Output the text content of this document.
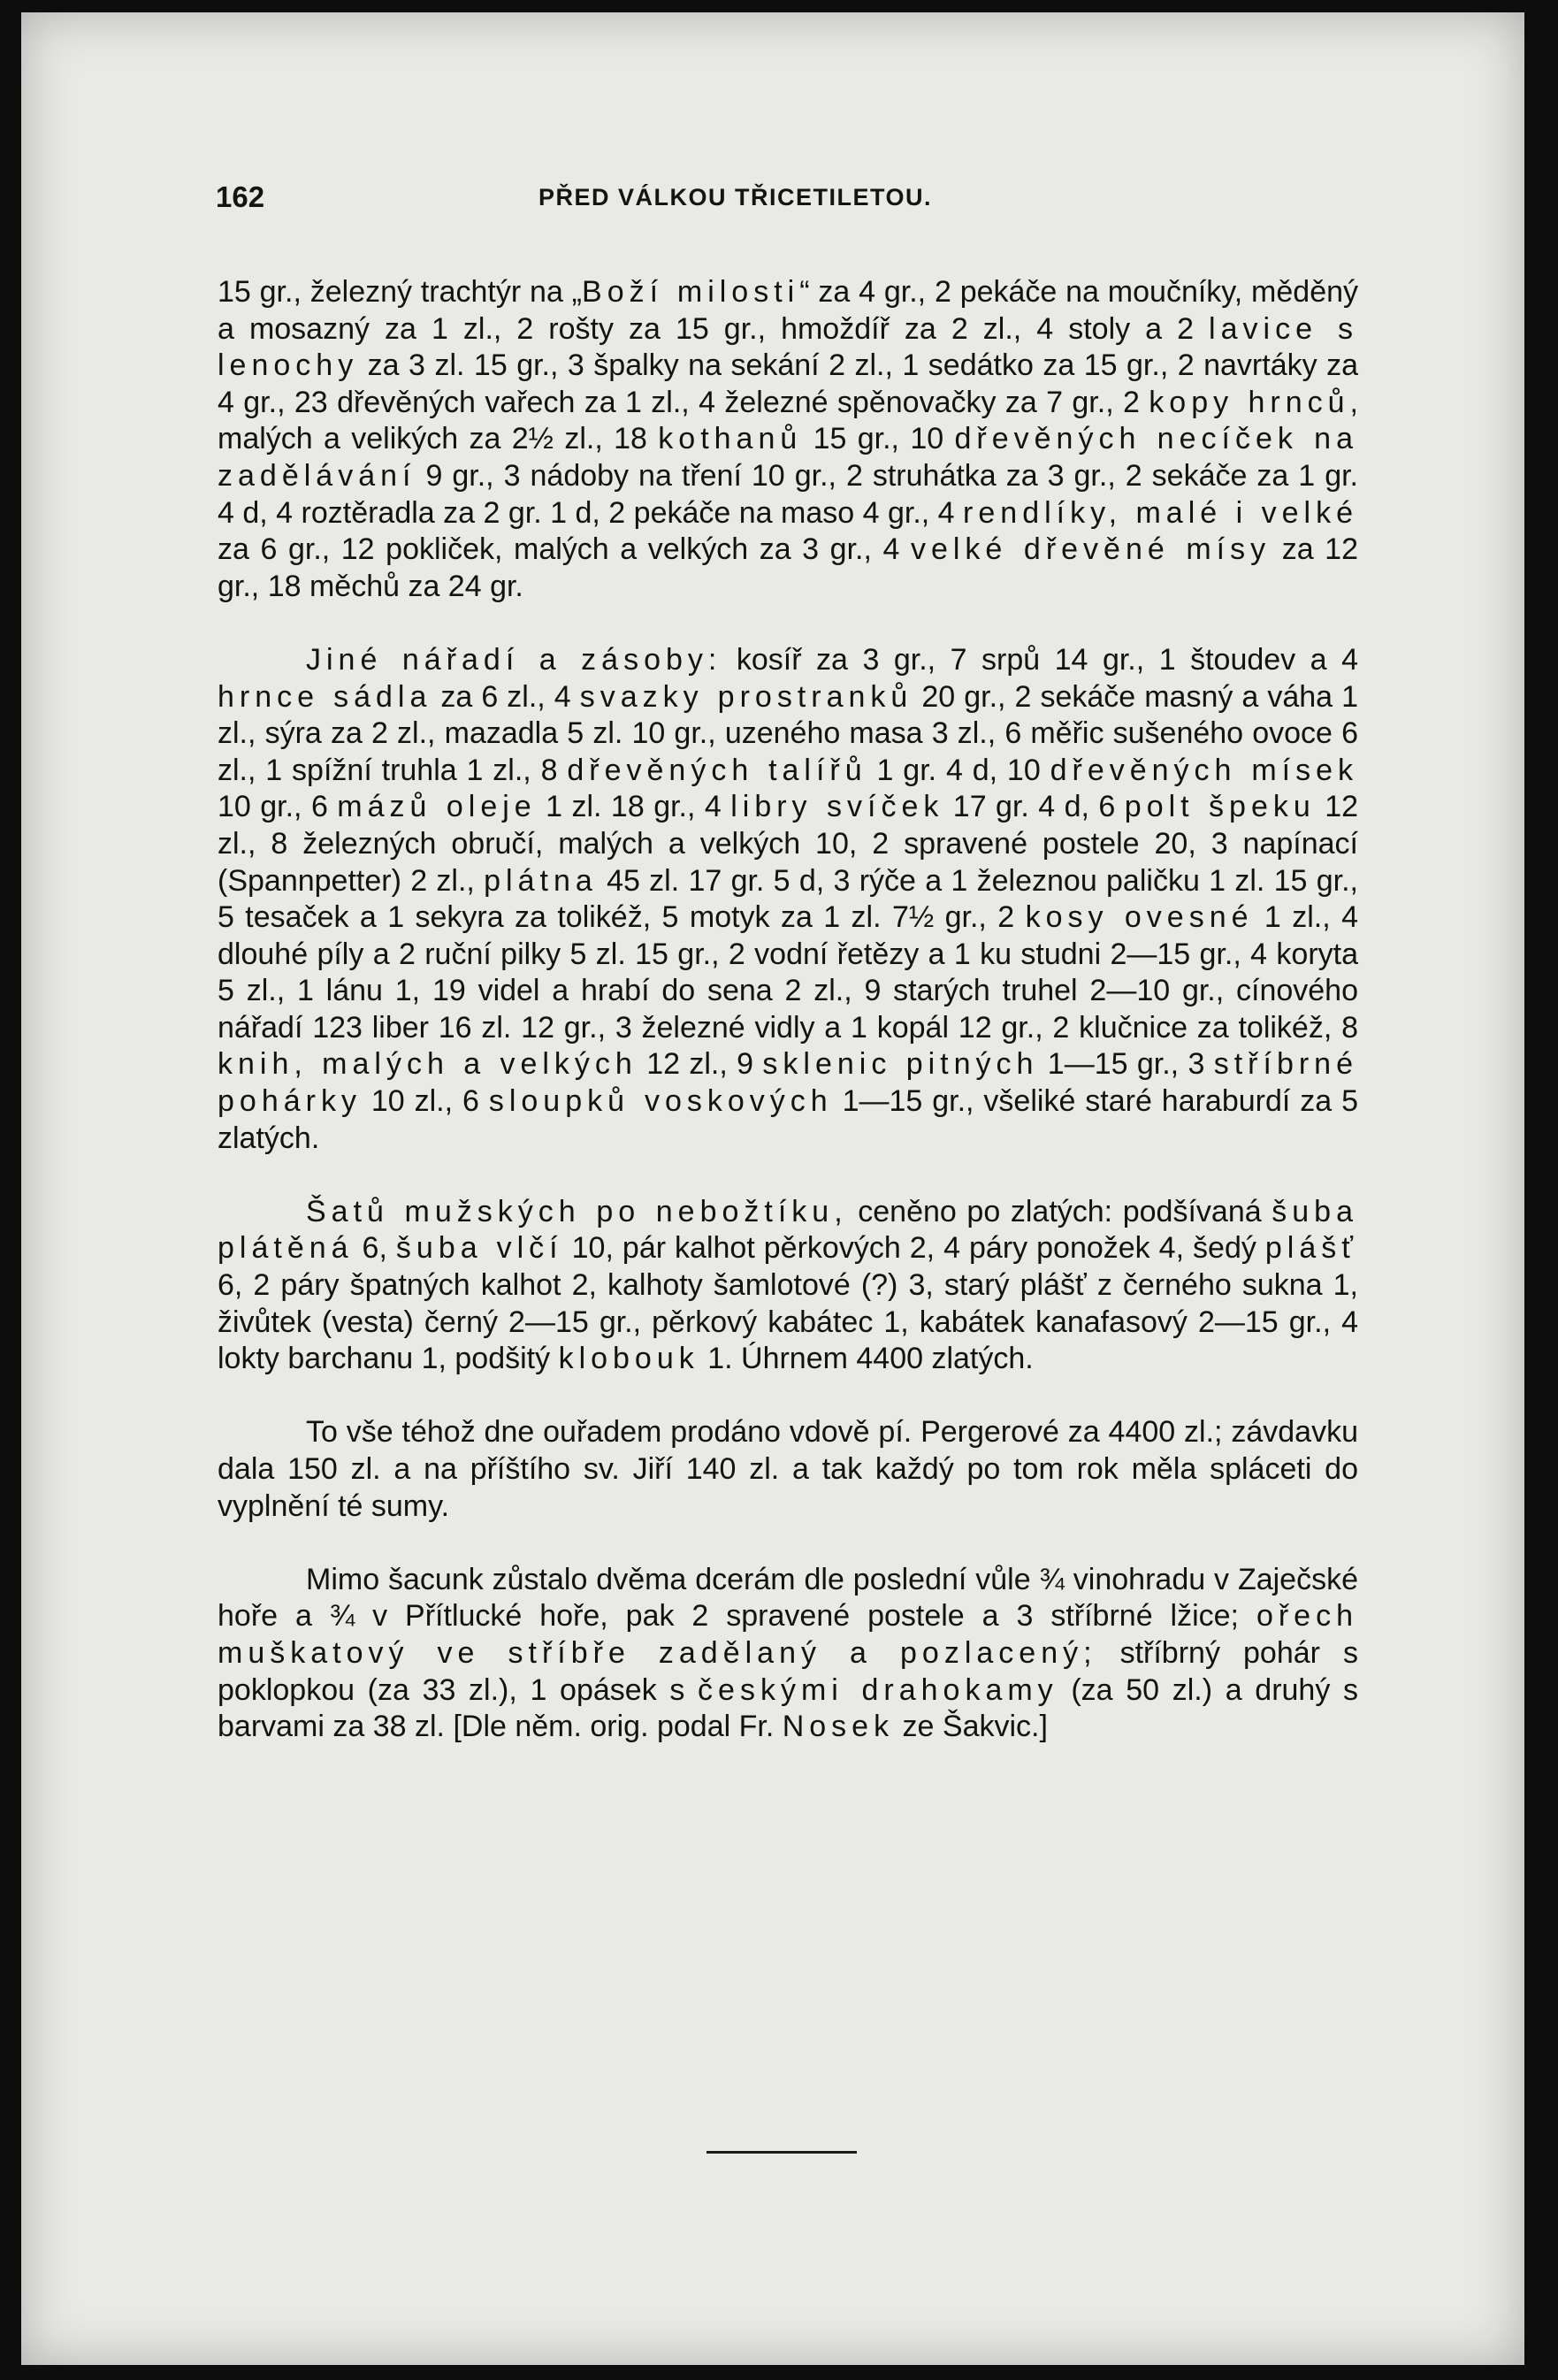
162	PŘED VÁLKOU TŘICETILETOU.

15 gr., železný trachtýr na „Boží milosti“ za 4 gr., 2 pekáče na moučníky, měděný a mosazný za 1 zl., 2 rošty za 15 gr., hmoždíř za 2 zl., 4 stoly a 2 lavice s lenochy za 3 zl. 15 gr., 3 špalky na sekání 2 zl., 1 sedátko za 15 gr., 2 navrtáky za 4 gr., 23 dřevěných vařech za 1 zl., 4 železné spěnovačky za 7 gr., 2 kopy hrnců, malých a velikých za 2½ zl., 18 kothanů 15 gr., 10 dřevěných necíček na zadělávání 9 gr., 3 nádoby na tření 10 gr., 2 struhátka za 3 gr., 2 sekáče za 1 gr. 4 d, 4 roztěradla za 2 gr. 1 d, 2 pekáče na maso 4 gr., 4 rendlíky, malé i velké za 6 gr., 12 pokliček, malých a velkých za 3 gr., 4 velké dřevěné mísy za 12 gr., 18 měchů za 24 gr.

Jiné nářadí a zásoby: kosíř za 3 gr., 7 srpů 14 gr., 1 štoudev a 4 hrnce sádla za 6 zl., 4 svazky prostranků 20 gr., 2 sekáče masný a váha 1 zl., sýra za 2 zl., mazadla 5 zl. 10 gr., uzeného masa 3 zl., 6 měřic sušeného ovoce 6 zl., 1 spížní truhla 1 zl., 8 dřevěných talířů 1 gr. 4 d, 10 dřevěných mísek 10 gr., 6 mázů oleje 1 zl. 18 gr., 4 libry svíček 17 gr. 4 d, 6 polt špeku 12 zl., 8 železných obručí, malých a velkých 10, 2 spravené postele 20, 3 napínací (Spannpetter) 2 zl., plátna 45 zl. 17 gr. 5 d, 3 rýče a 1 železnou paličku 1 zl. 15 gr., 5 tesaček a 1 sekyra za tolikéž, 5 motyk za 1 zl. 7½ gr., 2 kosy ovesné 1 zl., 4 dlouhé píly a 2 ruční pilky 5 zl. 15 gr., 2 vodní řetězy a 1 ku studni 2—15 gr., 4 koryta 5 zl., 1 lánu 1, 19 videl a hrabí do sena 2 zl., 9 starých truhel 2—10 gr., cínového nářadí 123 liber 16 zl. 12 gr., 3 železné vidly a 1 kopál 12 gr., 2 klučnice za tolikéž, 8 knih, malých a velkých 12 zl., 9 sklenic pitných 1—15 gr., 3 stříbrné pohárky 10 zl., 6 sloupků voskových 1—15 gr., všeliké staré haraburdí za 5 zlatých.

Šatů mužských po nebožtíku, ceněno po zlatých: podšívaná šuba plátěná 6, šuba vlčí 10, pár kalhot pěrkových 2, 4 páry ponožek 4, šedý plášť 6, 2 páry špatných kalhot 2, kalhoty šamlotové (?) 3, starý plášť z černého sukna 1, živůtek (vesta) černý 2—15 gr., pěrkový kabátec 1, kabátek kanafasový 2—15 gr., 4 lokty barchanu 1, podšitý klobouk 1. Úhrnem 4400 zlatých.

To vše téhož dne ouřadem prodáno vdově pí. Pergerové za 4400 zl.; závdavku dala 150 zl. a na příštího sv. Jiří 140 zl. a tak každý po tom rok měla spláceti do vyplnění té sumy.

Mimo šacunk zůstalo dvěma dcerám dle poslední vůle ¾ vinohradu v Zaječské hoře a ¾ v Přítlucké hoře, pak 2 spravené postele a 3 stříbrné lžice; ořech muškatový ve stříbře zadělaný a pozlacený; stříbrný pohár s poklopkou (za 33 zl.), 1 opásek s českými drahokamy (za 50 zl.) a druhý s barvami za 38 zl. [Dle něm. orig. podal Fr. Nosek ze Šakvic.]
